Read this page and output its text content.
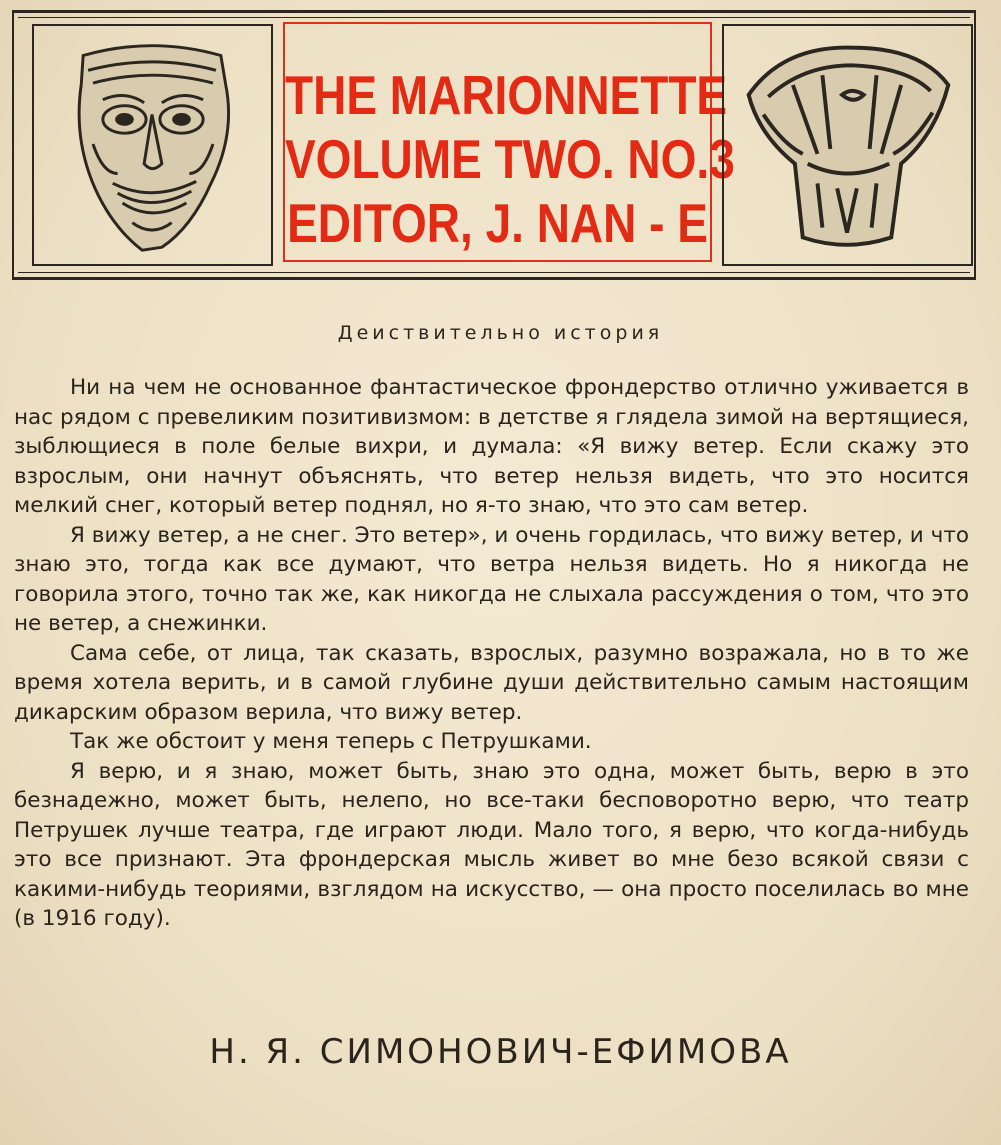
THE MARIONNETTE
VOLUME TWO. NO.3
EDITOR, J. NAN - E
Деиствительно история

Ни на чем не основанное фантастическое фрондерство отлично уживается в нас рядом с превеликим позитивизмом: в детстве я глядела зимой на вертящиеся, зыблющиеся в поле белые вихри, и думала: «Я вижу ветер. Если скажу это взрослым, они начнут объяснять, что ветер нельзя видеть, что это носится мелкий снег, который ветер поднял, но я-то знаю, что это сам ветер.

Я вижу ветер, а не снег. Это ветер», и очень гордилась, что вижу ветер, и что знаю это, тогда как все думают, что ветра нельзя видеть. Но я никогда не говорила этого, точно так же, как никогда не слыхала рассуждения о том, что это не ветер, а снежинки.

Сама себе, от лица, так сказать, взрослых, разумно возражала, но в то же время хотела верить, и в самой глубине души действительно самым настоящим дикарским образом верила, что вижу ветер.

Так же обстоит у меня теперь с Петрушками.

Я верю, и я знаю, может быть, знаю это одна, может быть, верю в это безнадежно, может быть, нелепо, но все-таки бесповоротно верю, что театр Петрушек лучше театра, где играют люди. Мало того, я верю, что когда-нибудь это все признают. Эта фрондерская мысль живет во мне безо всякой связи с какими-нибудь теориями, взглядом на искусство, — она просто поселилась во мне (в 1916 году).

Н. Я. СИМОНОВИЧ-ЕФИМОВА
